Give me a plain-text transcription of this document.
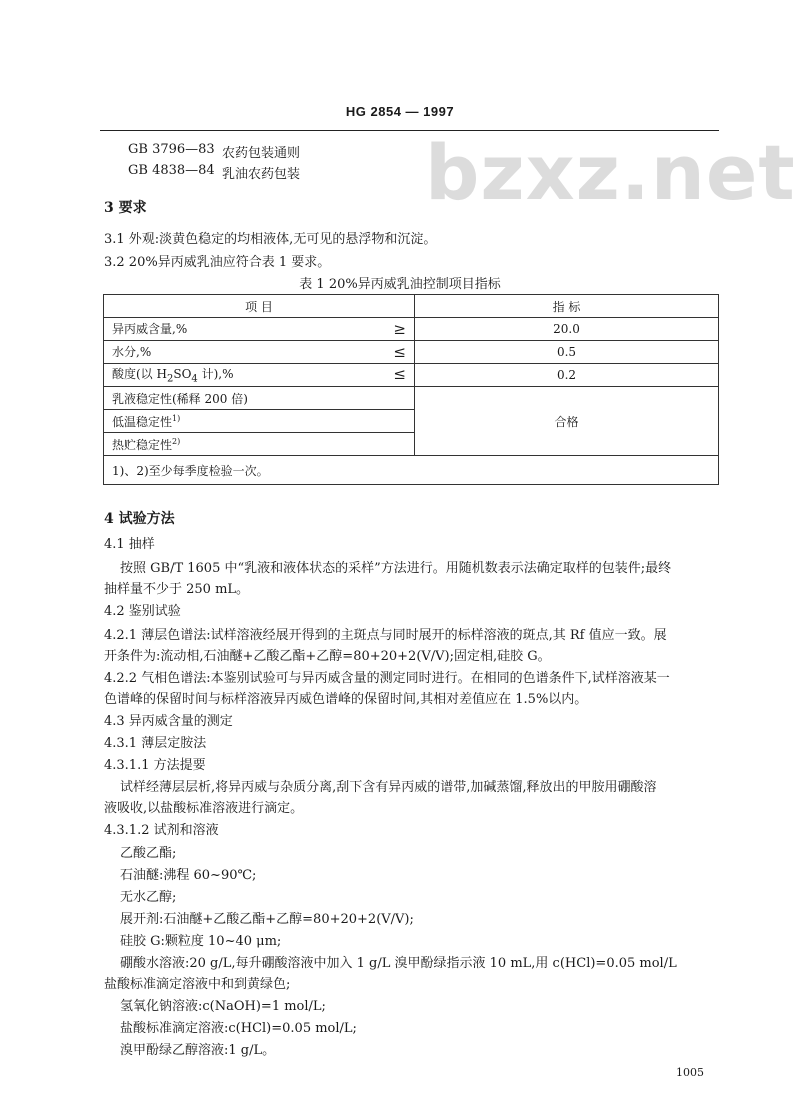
HG 2854 — 1997
bzxz.net
GB 3796—83 农药包装通则
GB 4838—84 乳油农药包装
3 要求
3.1 外观:淡黄色稳定的均相液体,无可见的悬浮物和沉淀。
3.2 20%异丙威乳油应符合表 1 要求。
表 1 20%异丙威乳油控制项目指标
项 目	指 标
异丙威含量,% ≥	20.0
水分,% ≤	0.5
酸度(以 $H_2SO_4$ 计),% ≤	0.2
乳液稳定性(稀释 200 倍)	合格
低温稳定性$^{1)}$
热贮稳定性$^{2)}$
1)、2)至少每季度检验一次。	
4 试验方法
4.1 抽样
按照 GB/T 1605 中“乳液和液体状态的采样”方法进行。用随机数表示法确定取样的包装件;最终
抽样量不少于 250 mL。
4.2 鉴别试验
4.2.1 薄层色谱法:试样溶液经展开得到的主斑点与同时展开的标样溶液的斑点,其 Rf 值应一致。展
开条件为:流动相,石油醚+乙酸乙酯+乙醇=80+20+2(V/V);固定相,硅胶 G。
4.2.2 气相色谱法:本鉴别试验可与异丙威含量的测定同时进行。在相同的色谱条件下,试样溶液某一
色谱峰的保留时间与标样溶液异丙威色谱峰的保留时间,其相对差值应在 1.5%以内。
4.3 异丙威含量的测定
4.3.1 薄层定胺法
4.3.1.1 方法提要
试样经薄层层析,将异丙威与杂质分离,刮下含有异丙威的谱带,加碱蒸馏,释放出的甲胺用硼酸溶
液吸收,以盐酸标准溶液进行滴定。
4.3.1.2 试剂和溶液
乙酸乙酯;
石油醚:沸程 60~90℃;
无水乙醇;
展开剂:石油醚+乙酸乙酯+乙醇=80+20+2(V/V);
硅胶 G:颗粒度 10~40 μm;
硼酸水溶液:20 g/L,每升硼酸溶液中加入 1 g/L 溴甲酚绿指示液 10 mL,用 c(HCl)=0.05 mol/L
盐酸标准滴定溶液中和到黄绿色;
氢氧化钠溶液:c(NaOH)=1 mol/L;
盐酸标准滴定溶液:c(HCl)=0.05 mol/L;
溴甲酚绿乙醇溶液:1 g/L。
1005
